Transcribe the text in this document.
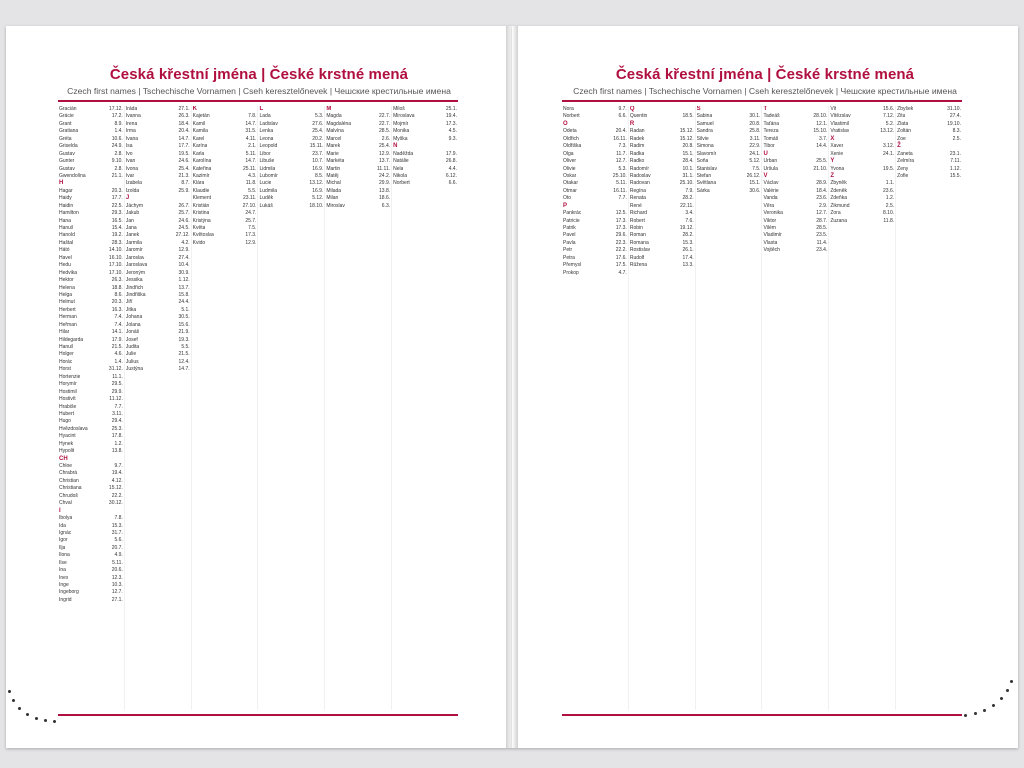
Česká křestní jména | České krstné mená
Czech first names | Tschechische Vornamen | Cseh keresztelőnevek | Чешские крестильные имена
Gracián	17.12.
Grácie	17.2.
Grant	8.9.
Gratiana	1.4.
Gréta	10.6.
Griselda	24.9.
Gustav	2.8.
Gunter	9.10.
Gustav	2.8.
Gwendolína	21.1.
H
Hagar	20.3.
Haidy	17.7.
Haidin	22.5.
Hamilton	29.3.
Hana	16.5.
Hanuš	15.4.
Hanold	19.2.
Haštal	28.3.
Hátó	14.10.
Havel	16.10.
Hedu	17.10.
Hedvika	17.10.
Hektor	26.3.
Helena	18.8.
Helga	8.6.
Helmut	20.3.
Herbert	16.3.
Herman	7.4.
Heřman	7.4.
Hilar	14.1.
Hildegarda	17.9.
Hanuš	21.5.
Holger	4.6.
Horác	1.4.
Horst	31.12.
Hortenzie	11.1.
Horymír	29.5.
Hostimil	29.9.
Hostivít	11.12.
Hrabiše	7.7.
Hubert	3.11.
Hugo	29.4.
Hvězdoslava	25.3.
Hyacint	17.8.
Hynek	1.2.
Hypolit	13.8.
CH
Chloe	9.7.
Chrabrá	19.4.
Christian	4.12.
Christiana	15.12.
Chrudoš	22.2.
Chval	30.12.
I
Ibolya	7.8.
Ida	15.3.
Ignác	31.7.
Igor	5.6.
Ilja	20.7.
Ilona	4.9.
Ilse	5.11.
Ina	20.6.
Ines	12.3.
Inge	10.3.
Ingeborg	12.7.
Ingrid	27.1.
Iráda	27.1.
Ivanna	26.3.
Irena	18.4.
Irma	20.4.
Ivana	14.7.
Isa	17.7.
Ivo	19.5.
Ivan	24.6.
Ivona	25.4.
Ivar	21.3.
Izabela	8.7.
Izolda	25.9.
J
Jáchym	26.7.
Jakub	25.7.
Jan	24.6.
Jana	24.5.
Janek	27.12.
Jarmila	4.2.
Jaromír	12.9.
Jaroslav	27.4.
Jaroslava	10.4.
Jeroným	30.9.
Jessika	1.12.
Jindřich	13.7.
Jindřiška	15.8.
Jiří	24.4.
Jitka	5.1.
Johana	30.5.
Jolana	15.6.
Jonáš	21.9.
Josef	19.3.
Judita	5.5.
Julie	21.5.
Julius	12.4.
Justýna	14.7.
K
Kajetán	7.8.
Kamil	14.7.
Kamila	31.5.
Karel	4.11.
Karína	2.1.
Karla	5.11.
Karolína	14.7.
Kateřina	25.11.
Kazimír	4.3.
Klára	11.8.
Klaudie	5.5.
Klement	23.11.
Kristián	27.10.
Kristina	24.7.
Kristýna	25.7.
Květa	7.5.
Květoslav	17.3.
Kvido	12.9.
L
Lada	5.3.
Ladislav	27.6.
Lenka	25.4.
Leona	20.2.
Leopold	15.11.
Libor	23.7.
Libuše	10.7.
Lidmila	16.9.
Lubomír	8.5.
Lucie	13.12.
Ludmila	16.9.
Luděk	5.12.
Lukáš	18.10.
M
Magda	22.7.
Magdaléna	22.7.
Malvína	28.5.
Marcel	2.6.
Marek	25.4.
Marie	12.9.
Markéta	13.7.
Martin	11.11.
Matěj	24.2.
Michal	29.9.
Milada	13.8.
Milan	18.6.
Miroslav	6.3.
Miloš	25.1.
Miroslava	19.4.
Mojmír	17.3.
Monika	4.5.
Myška	9.3.
N
Naděžda	17.9.
Natálie	26.8.
Nela	4.4.
Nikola	6.12.
Norbert	6.6.
Česká křestní jména | České krstné mená
Czech first names | Tschechische Vornamen | Cseh keresztelőnevek | Чешские крестильные имена
Nora	9.7.
Norbert	6.6.
O
Odeta	20.4.
Oldřich	16.11.
Oldřiška	7.3.
Olga	11.7.
Oliver	12.7.
Olivie	5.3.
Oskar	25.10.
Otakar	5.11.
Otmar	16.11.
Oto	7.7.
P
Pankrác	12.5.
Patricie	17.3.
Patrik	17.3.
Pavel	29.6.
Pavla	22.3.
Petr	22.2.
Petra	17.6.
Přemysl	17.5.
Prokop	4.7.
Q
Quentin	18.5.
R
Radan	15.12.
Radek	15.12.
Radim	20.8.
Radka	15.1.
Radko	28.4.
Radomír	10.1.
Radoslav	31.1.
Radovan	25.10.
Regína	7.9.
Renata	28.2.
René	22.11.
Richard	3.4.
Robert	7.6.
Robin	19.12.
Roman	28.2.
Romana	15.3.
Rostislav	26.1.
Rudolf	17.4.
Růžena	13.3.
S
Sabina	30.1.
Samuel	20.8.
Sandra	25.8.
Silvie	3.11.
Simona	22.9.
Slavomír	24.1.
Soňa	5.12.
Stanislav	7.5.
Štefan	26.12.
Světlana	15.1.
Šárka	30.6.
T
Tadeáš	28.10.
Taťána	12.1.
Tereza	15.10.
Tomáš	3.7.
Tibor	14.4.
U
Urban	25.5.
Uršula	21.10.
V
Václav	28.9.
Valérie	18.4.
Vanda	23.6.
Věra	2.9.
Veronika	12.7.
Viktor	28.7.
Vilém	28.5.
Vladimír	23.5.
Vlasta	11.4.
Vojtěch	23.4.
Vít	15.6.
Vítězslav	7.12.
Vlastimil	5.2.
Vratislav	13.12.
X
Xaver	3.12.
Xenie	24.1.
Y
Yvona	19.5.
Z
Zbyněk	1.1.
Zdeněk	23.6.
Zdeňka	1.2.
Zikmund	2.5.
Zora	8.10.
Zuzana	11.8.
Zbyšek	31.10.
Zita	27.4.
Zlata	19.10.
Zoltán	8.3.
Zoe	2.5.
Ž
Žaneta	23.1.
Želmíra	7.11.
Ženy	1.12.
Žofie	15.5.
